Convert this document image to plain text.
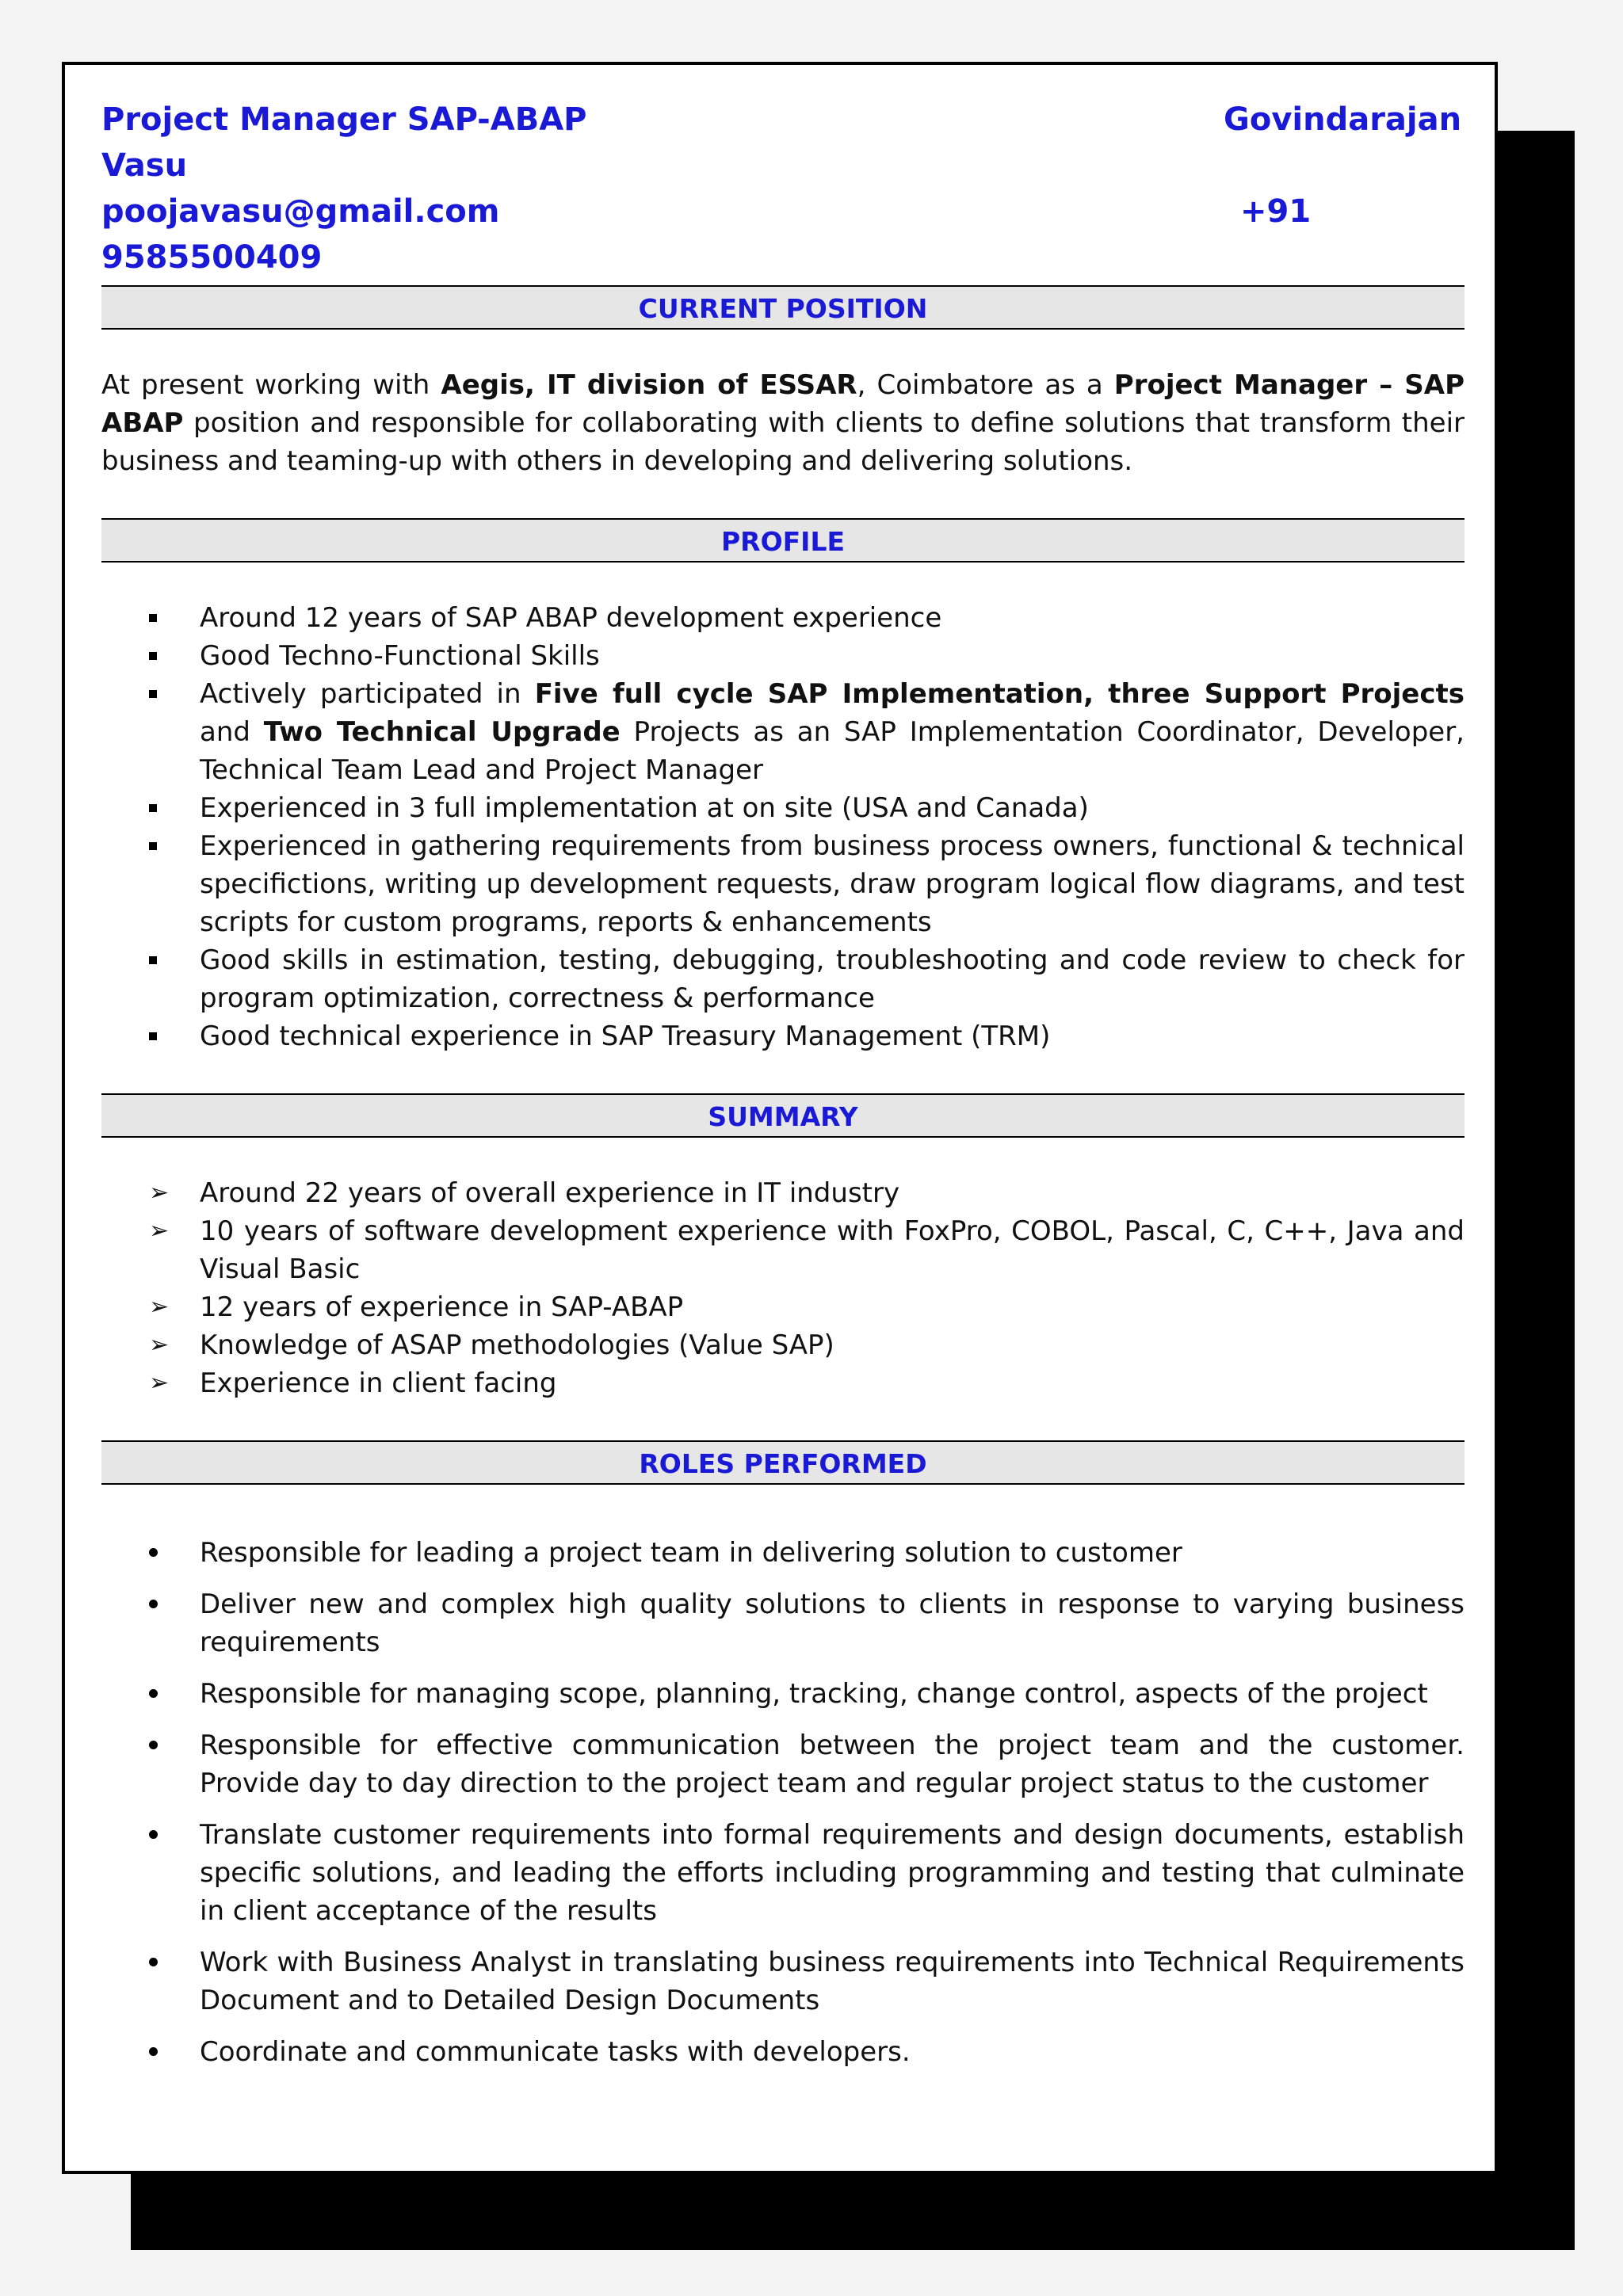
Project Manager SAP-ABAP	Govindarajan
Vasu
poojavasu@gmail.com	+91
9585500409
CURRENT POSITION
At present working with Aegis, IT division of ESSAR, Coimbatore as a Project Manager – SAP ABAP position and responsible for collaborating with clients to define solutions that transform their business and teaming-up with others in developing and delivering solutions.
PROFILE
Around 12 years of SAP ABAP development experience
Good Techno-Functional Skills
Actively participated in Five full cycle SAP Implementation, three Support Projects and Two Technical Upgrade Projects as an SAP Implementation Coordinator, Developer, Technical Team Lead and Project Manager
Experienced in 3 full implementation at on site (USA and Canada)
Experienced in gathering requirements from business process owners, functional & technical specifictions, writing up development requests, draw program logical flow diagrams, and test scripts for custom programs, reports & enhancements
Good skills in estimation, testing, debugging, troubleshooting and code review to check for program optimization, correctness & performance
Good technical experience in SAP Treasury Management (TRM)
SUMMARY
➢	Around 22 years of overall experience in IT industry
➢	10 years of software development experience with FoxPro, COBOL, Pascal, C, C++, Java and Visual Basic
➢	12 years of experience in SAP-ABAP
➢	Knowledge of ASAP methodologies (Value SAP)
➢	Experience in client facing
ROLES PERFORMED
Responsible for leading a project team in delivering solution to customer
Deliver new and complex high quality solutions to clients in response to varying business requirements
Responsible for managing scope, planning, tracking, change control, aspects of the project
Responsible for effective communication between the project team and the customer. Provide day to day direction to the project team and regular project status to the customer
Translate customer requirements into formal requirements and design documents, establish specific solutions, and leading the efforts including programming and testing that culminate in client acceptance of the results
Work with Business Analyst in translating business requirements into Technical Requirements Document and to Detailed Design Documents
Coordinate and communicate tasks with developers.
